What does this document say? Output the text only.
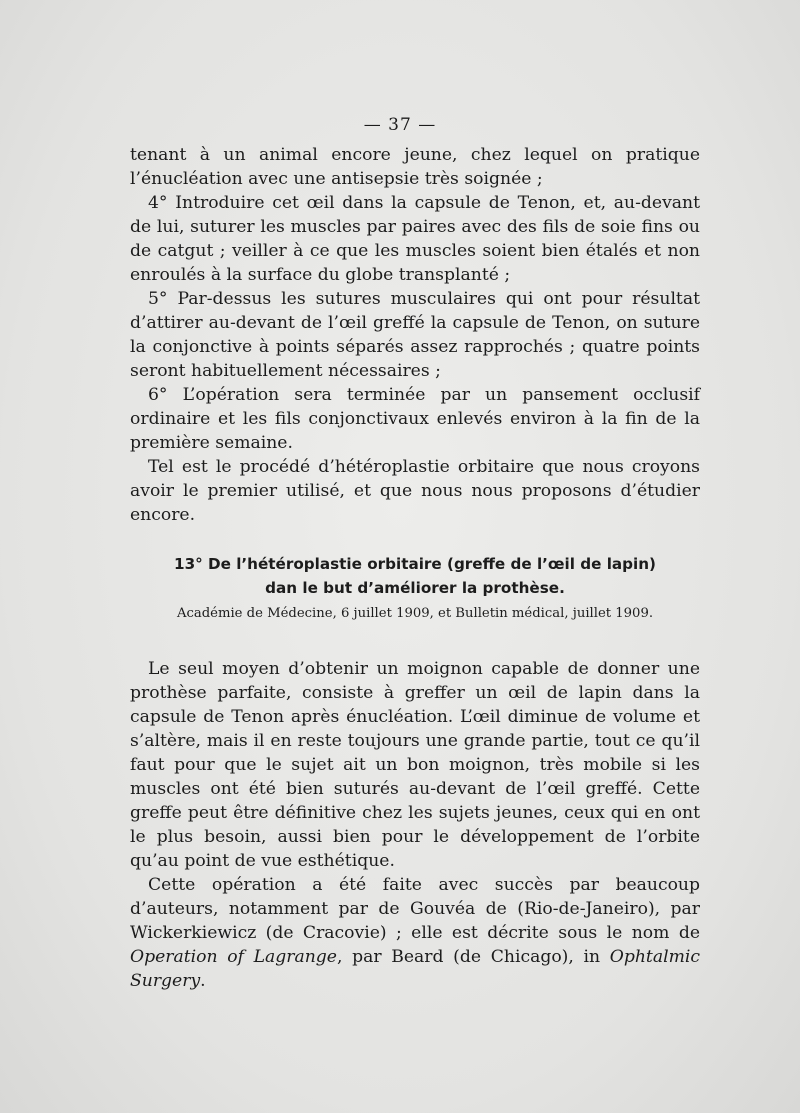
— 37 —

tenant à un animal encore jeune, chez lequel on pratique l’énucléation avec une antisepsie très soignée ;

4° Introduire cet œil dans la capsule de Tenon, et, au-devant de lui, suturer les muscles par paires avec des fils de soie fins ou de catgut ; veiller à ce que les muscles soient bien étalés et non enroulés à la surface du globe transplanté ;

5° Par-dessus les sutures musculaires qui ont pour résultat d’attirer au-devant de l’œil greffé la capsule de Tenon, on suture la conjonctive à points séparés assez rapprochés ; quatre points seront habituellement nécessaires ;

6° L’opération sera terminée par un pansement occlusif ordinaire et les fils conjonctivaux enlevés environ à la fin de la première semaine.

Tel est le procédé d’hétéroplastie orbitaire que nous croyons avoir le premier utilisé, et que nous nous proposons d’étudier encore.

13° De l’hétéroplastie orbitaire (greffe de l’œil de lapin)
dan le but d’améliorer la prothèse.
Académie de Médecine, 6 juillet 1909, et Bulletin médical, juillet 1909.

Le seul moyen d’obtenir un moignon capable de donner une prothèse parfaite, consiste à greffer un œil de lapin dans la capsule de Tenon après énucléation. L’œil diminue de volume et s’altère, mais il en reste toujours une grande partie, tout ce qu’il faut pour que le sujet ait un bon moignon, très mobile si les muscles ont été bien suturés au-devant de l’œil greffé. Cette greffe peut être définitive chez les sujets jeunes, ceux qui en ont le plus besoin, aussi bien pour le développement de l’orbite qu’au point de vue esthétique.

Cette opération a été faite avec succès par beaucoup d’auteurs, notamment par de Gouvéa de (Rio-de-Janeiro), par Wickerkiewicz (de Cracovie) ; elle est décrite sous le nom de Operation of Lagrange, par Beard (de Chicago), in Ophtalmic Surgery.
